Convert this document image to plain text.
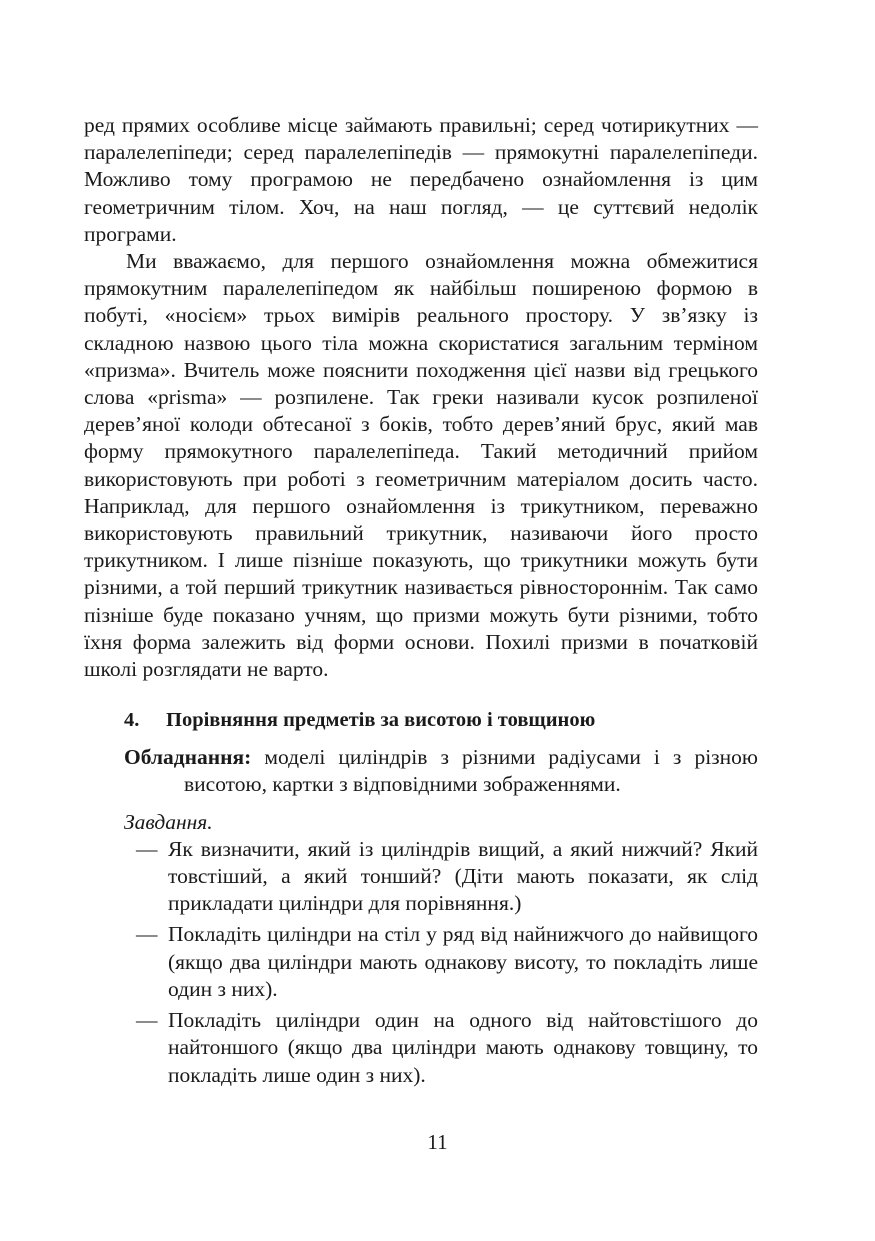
ред прямих особливе місце займають правильні; серед чотирикутних — паралелепіпеди; серед паралелепіпедів — прямокутні паралелепіпеди. Можливо тому програмою не передбачено ознайомлення із цим геометричним тілом. Хоч, на наш погляд, — це суттєвий недолік програми.

Ми вважаємо, для першого ознайомлення можна обмежитися прямокутним паралелепіпедом як найбільш поширеною формою в побуті, «носієм» трьох вимірів реального простору. У зв’язку із складною назвою цього тіла можна скористатися загальним терміном «призма». Вчитель може пояснити походження цієї назви від грецького слова «prisma» — розпилене. Так греки називали кусок розпиленої дерев’яної колоди обтесаної з боків, тобто дерев’яний брус, який мав форму прямокутного паралелепіпеда. Такий методичний прийом використовують при роботі з геометричним матеріалом досить часто. Наприклад, для першого ознайомлення із трикутником, переважно використовують правильний трикутник, називаючи його просто трикутником. І лише пізніше показують, що трикутники можуть бути різними, а той перший трикутник називається рівностороннім. Так само пізніше буде показано учням, що призми можуть бути різними, тобто їхня форма залежить від форми основи. Похилі призми в початковій школі розглядати не варто.

4. Порівняння предметів за висотою і товщиною

Обладнання: моделі циліндрів з різними радіусами і з різною висотою, картки з відповідними зображеннями.

Завдання.
— Як визначити, який із циліндрів вищий, а який нижчий? Який товстіший, а який тонший? (Діти мають показати, як слід прикладати циліндри для порівняння.)
— Покладіть циліндри на стіл у ряд від найнижчого до найвищого (якщо два циліндри мають однакову висоту, то покладіть лише один з них).
— Покладіть циліндри один на одного від найтовстішого до найтоншого (якщо два циліндри мають однакову товщину, то покладіть лише один з них).
11
